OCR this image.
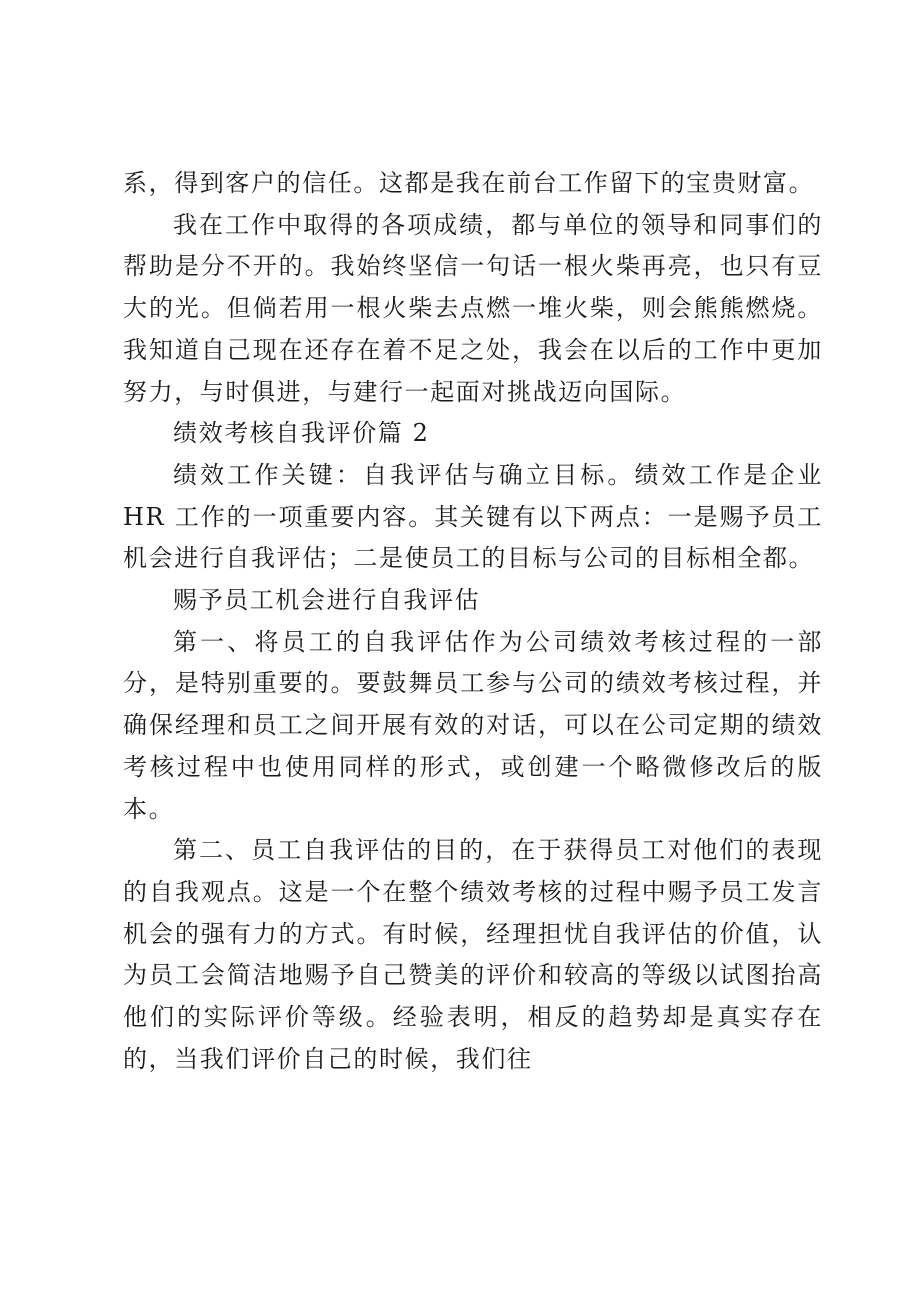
系，得到客户的信任。这都是我在前台工作留下的宝贵财富。

我在工作中取得的各项成绩，都与单位的领导和同事们的帮助是分不开的。我始终坚信一句话一根火柴再亮，也只有豆大的光。但倘若用一根火柴去点燃一堆火柴，则会熊熊燃烧。我知道自己现在还存在着不足之处，我会在以后的工作中更加努力，与时俱进，与建行一起面对挑战迈向国际。

绩效考核自我评价篇 2

绩效工作关键：自我评估与确立目标。绩效工作是企业 HR 工作的一项重要内容。其关键有以下两点：一是赐予员工机会进行自我评估；二是使员工的目标与公司的目标相全都。

赐予员工机会进行自我评估

第一、将员工的自我评估作为公司绩效考核过程的一部分，是特别重要的。要鼓舞员工参与公司的绩效考核过程，并确保经理和员工之间开展有效的对话，可以在公司定期的绩效考核过程中也使用同样的形式，或创建一个略微修改后的版本。

第二、员工自我评估的目的，在于获得员工对他们的表现的自我观点。这是一个在整个绩效考核的过程中赐予员工发言机会的强有力的方式。有时候，经理担忧自我评估的价值，认为员工会简洁地赐予自己赞美的评价和较高的等级以试图抬高他们的实际评价等级。经验表明，相反的趋势却是真实存在的，当我们评价自己的时候，我们往
